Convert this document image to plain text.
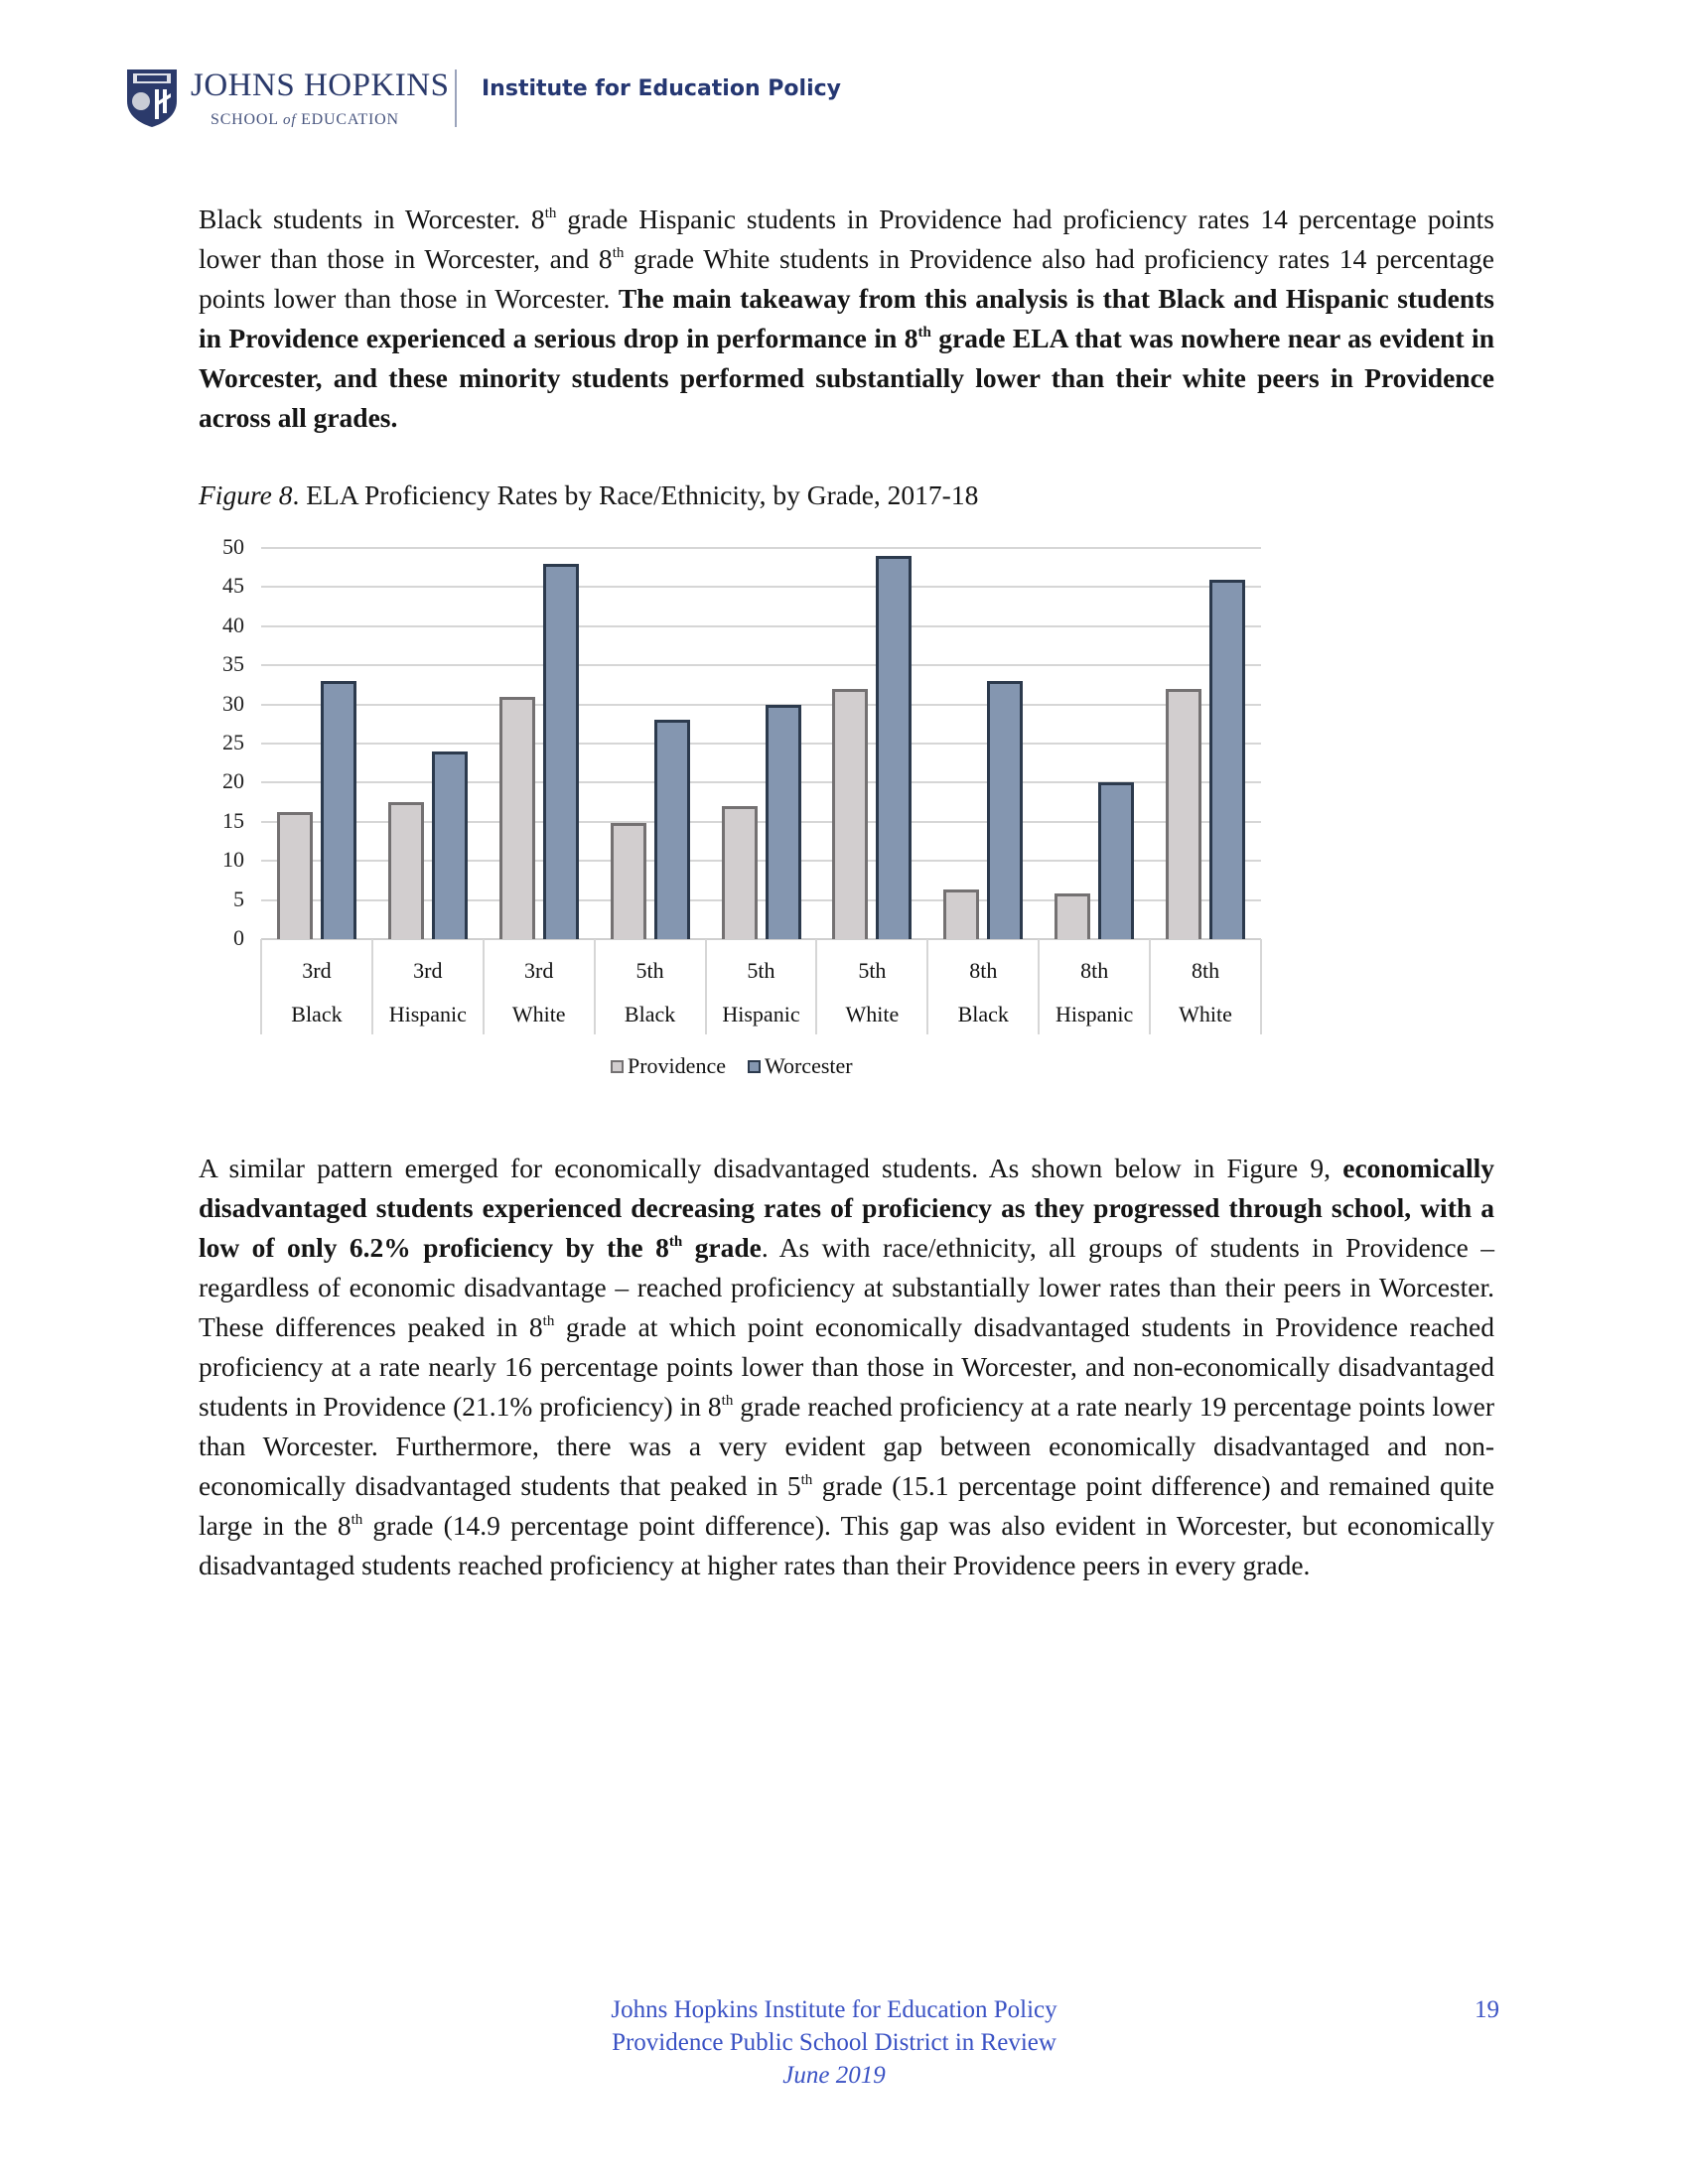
JOHNS HOPKINS
SCHOOL of EDUCATION
Institute for Education Policy
Black students in Worcester. 8th grade Hispanic students in Providence had proficiency rates 14 percentage points lower than those in Worcester, and 8th grade White students in Providence also had proficiency rates 14 percentage points lower than those in Worcester. The main takeaway from this analysis is that Black and Hispanic students in Providence experienced a serious drop in performance in 8th grade ELA that was nowhere near as evident in Worcester, and these minority students performed substantially lower than their white peers in Providence across all grades.
Figure 8. ELA Proficiency Rates by Race/Ethnicity, by Grade, 2017-18
0
5
10
15
20
25
30
35
40
45
50
3rd
Black
3rd
Hispanic
3rd
White
5th
Black
5th
Hispanic
5th
White
8th
Black
8th
Hispanic
8th
White
Providence Worcester
A similar pattern emerged for economically disadvantaged students. As shown below in Figure 9, economically disadvantaged students experienced decreasing rates of proficiency as they progressed through school, with a low of only 6.2% proficiency by the 8th grade. As with race/ethnicity, all groups of students in Providence – regardless of economic disadvantage – reached proficiency at substantially lower rates than their peers in Worcester. These differences peaked in 8th grade at which point economically disadvantaged students in Providence reached proficiency at a rate nearly 16 percentage points lower than those in Worcester, and non-economically disadvantaged students in Providence (21.1% proficiency) in 8th grade reached proficiency at a rate nearly 19 percentage points lower than Worcester. Furthermore, there was a very evident gap between economically disadvantaged and non-economically disadvantaged students that peaked in 5th grade (15.1 percentage point difference) and remained quite large in the 8th grade (14.9 percentage point difference). This gap was also evident in Worcester, but economically disadvantaged students reached proficiency at higher rates than their Providence peers in every grade.
Johns Hopkins Institute for Education Policy
Providence Public School District in Review
June 2019
19
